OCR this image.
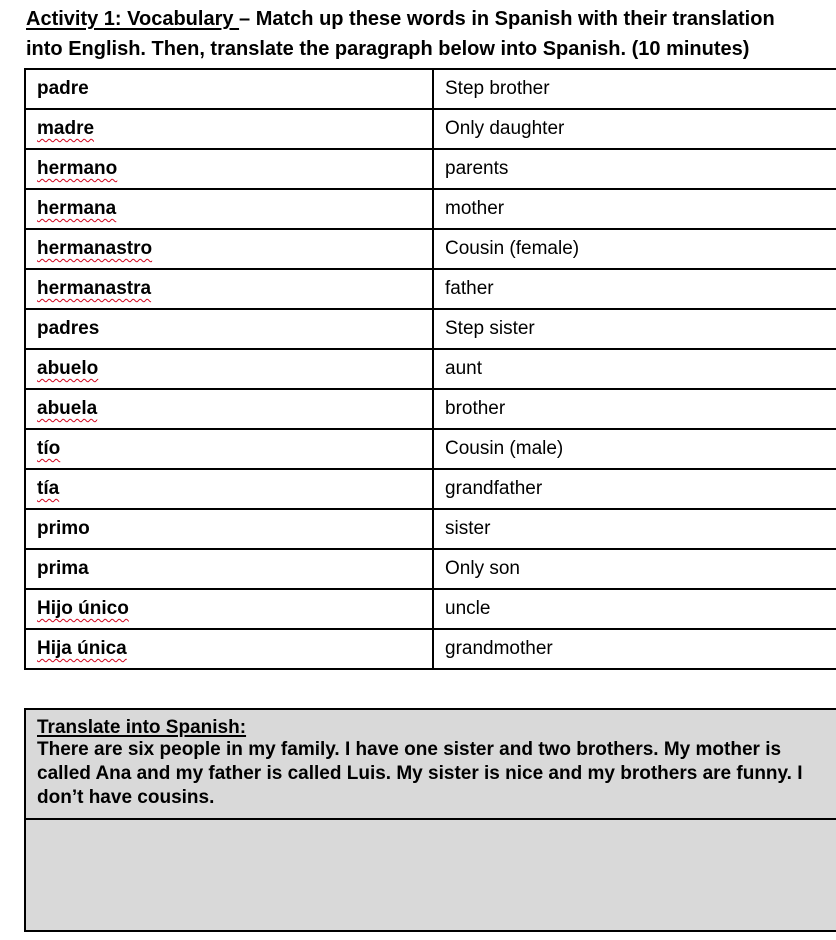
Activity 1: Vocabulary – Match up these words in Spanish with their translation
into English. Then, translate the paragraph below into Spanish. (10 minutes)
padre	Step brother
madre	Only daughter
hermano	parents
hermana	mother
hermanastro	Cousin (female)
hermanastra	father
padres	Step sister
abuelo	aunt
abuela	brother
tío	Cousin (male)
tía	grandfather
primo	sister
prima	Only son
Hijo único	uncle
Hija única	grandmother
Translate into Spanish:
There are six people in my family. I have one sister and two brothers. My mother is called Ana and my father is called Luis. My sister is nice and my brothers are funny. I don’t have cousins.
